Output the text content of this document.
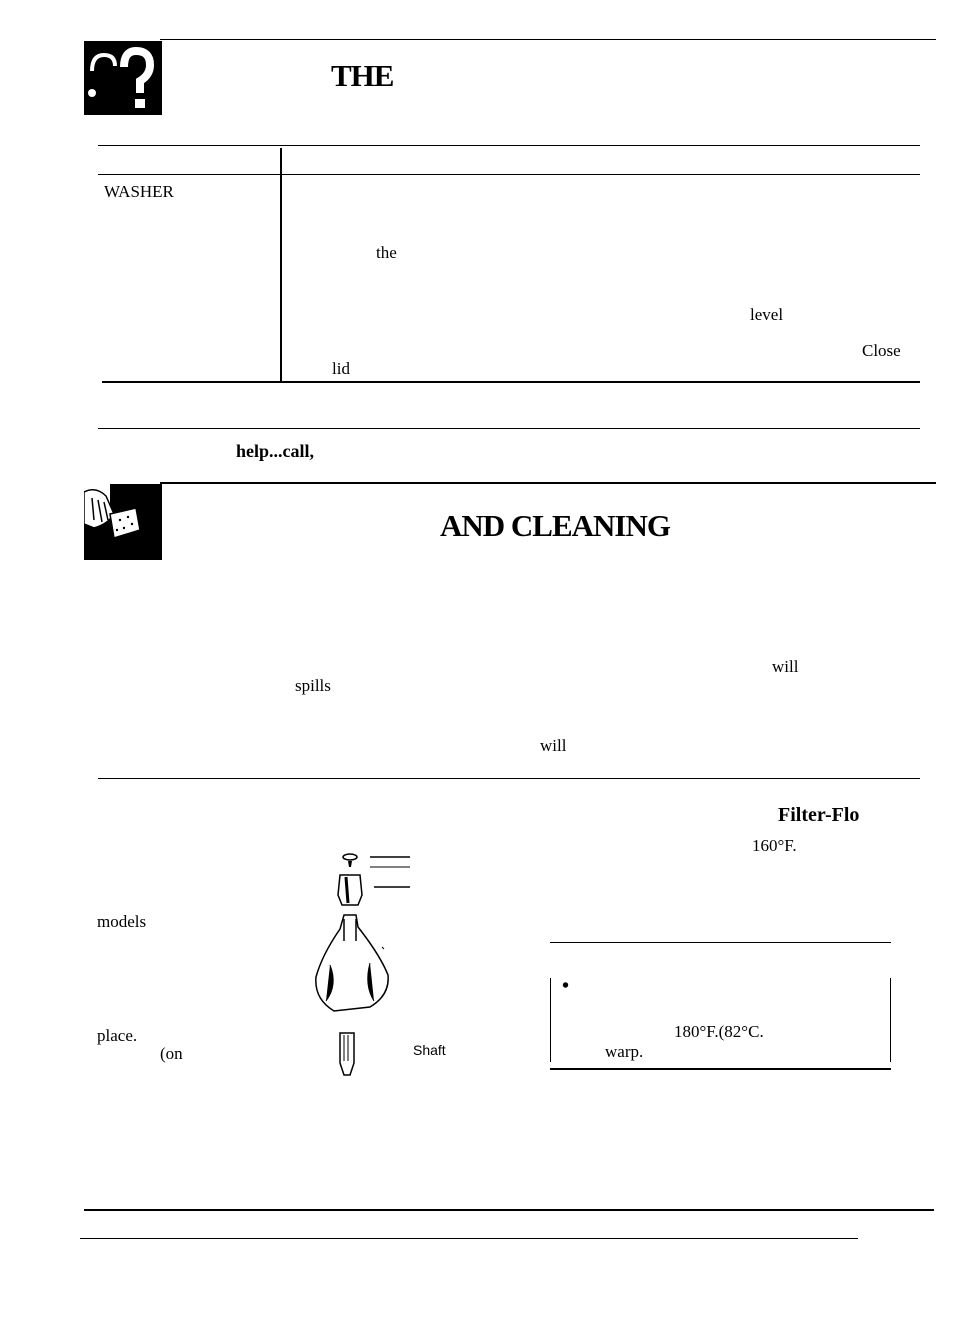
THE
WASHER
the
level
Close
lid
help...call,
AND CLEANING
will
spills
will
models
place.
(on	Shaft
Filter-Flo
160°F.
•
180°F.(82°C.
warp.
